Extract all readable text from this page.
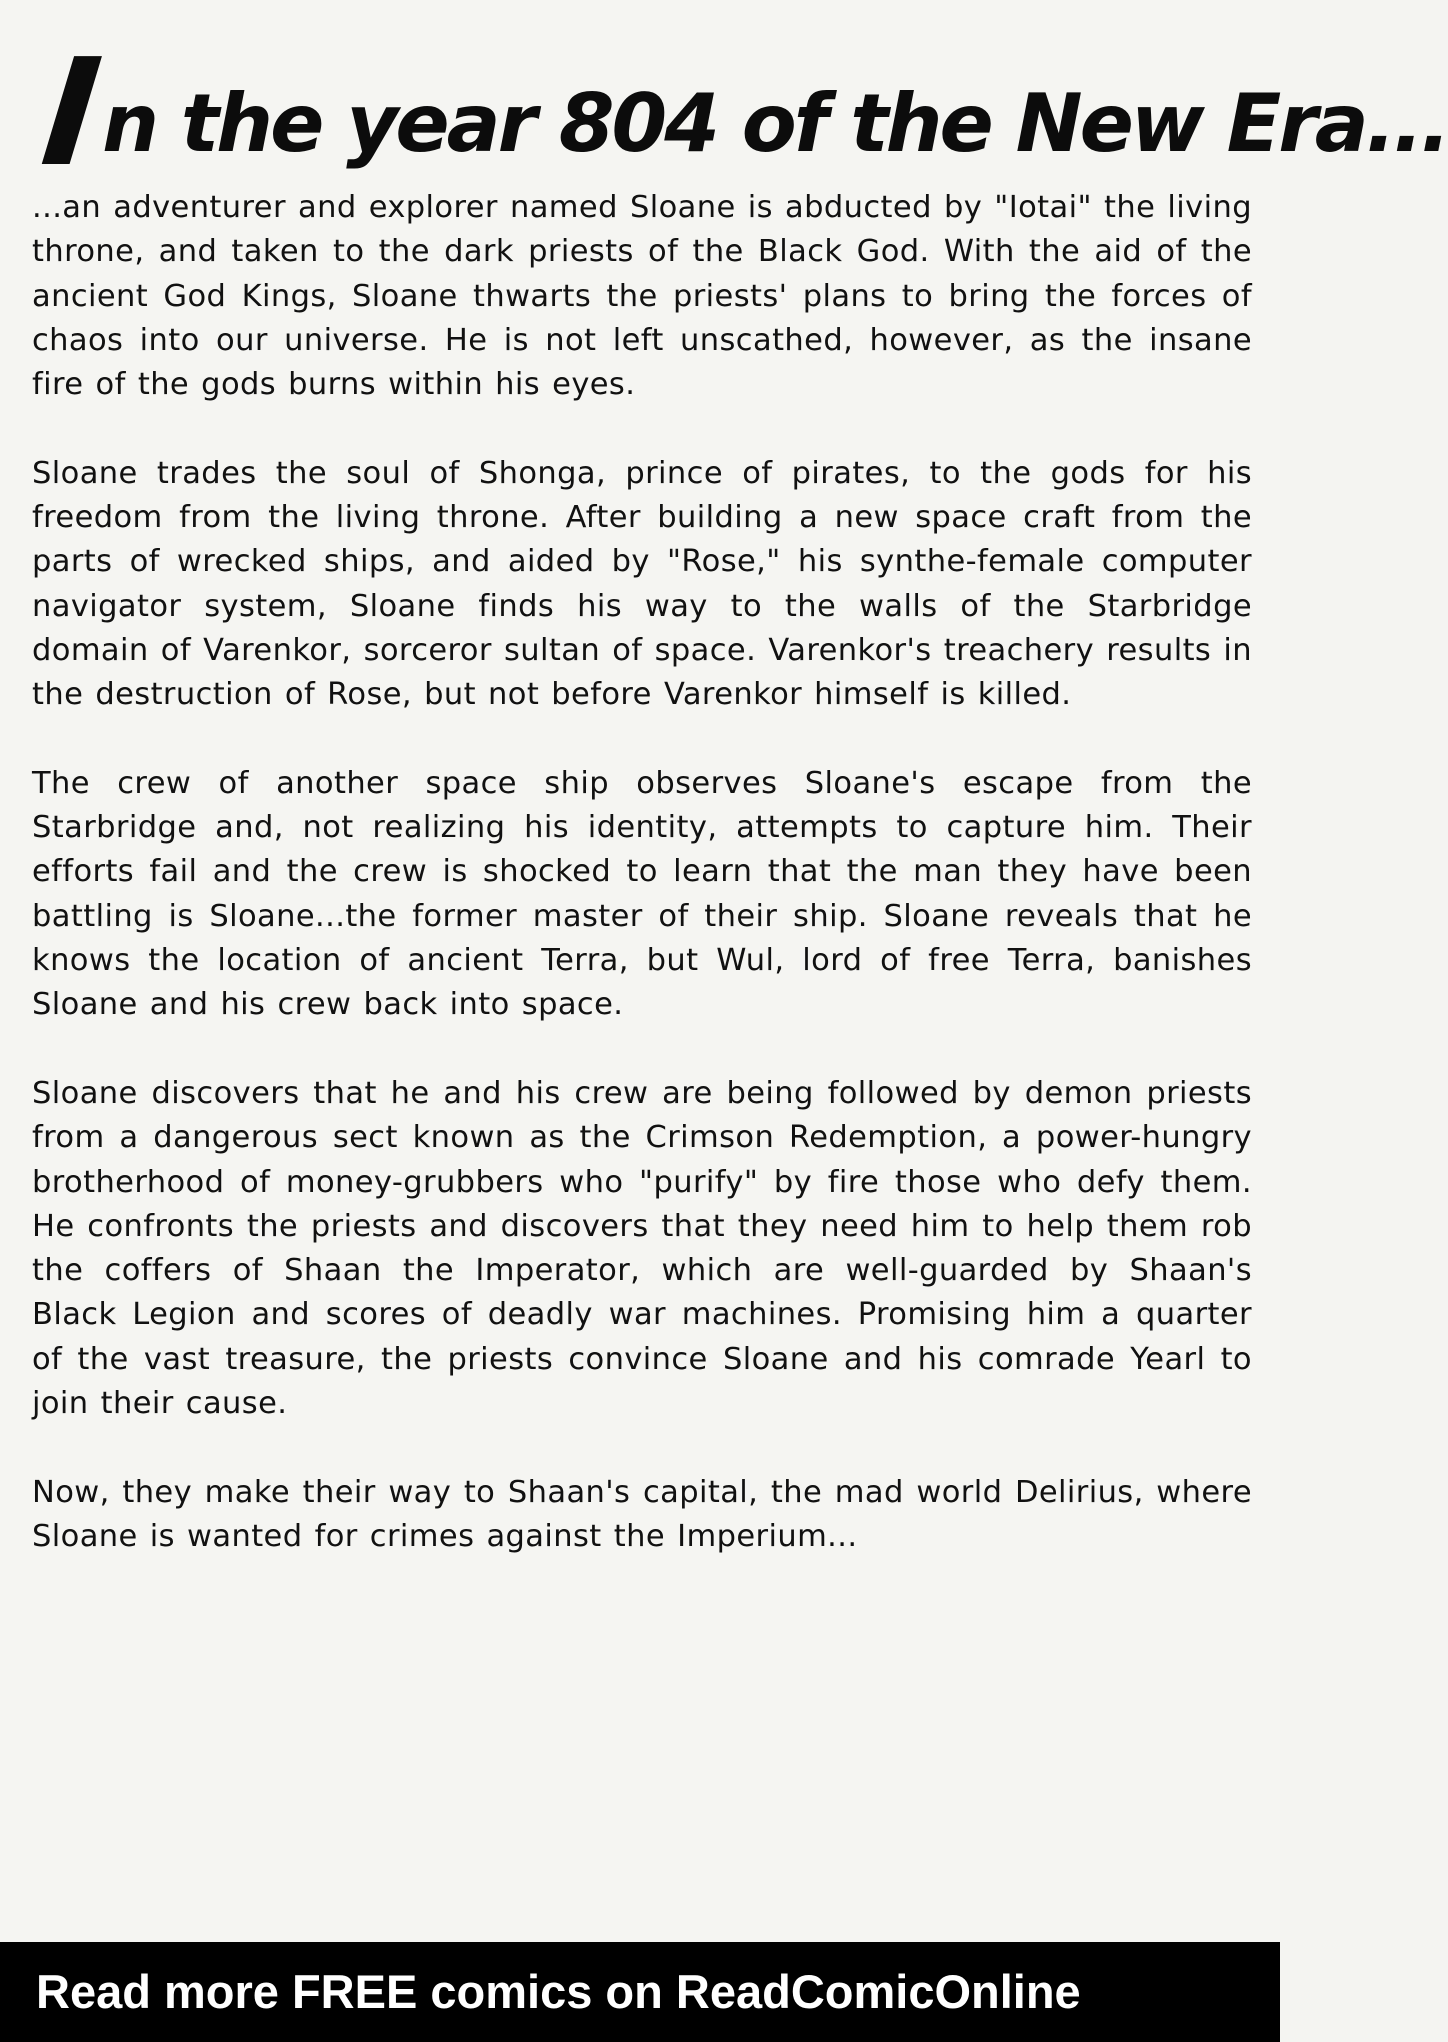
In the year 804 of the New Era...

...an adventurer and explorer named Sloane is abducted by "Iotai" the living throne, and taken to the dark priests of the Black God. With the aid of the ancient God Kings, Sloane thwarts the priests' plans to bring the forces of chaos into our universe. He is not left unscathed, however, as the insane fire of the gods burns within his eyes.

Sloane trades the soul of Shonga, prince of pirates, to the gods for his freedom from the living throne. After building a new space craft from the parts of wrecked ships, and aided by "Rose," his synthe-female computer navigator system, Sloane finds his way to the walls of the Starbridge domain of Varenkor, sorceror sultan of space. Varenkor's treachery results in the destruction of Rose, but not before Varenkor himself is killed.

The crew of another space ship observes Sloane's escape from the Starbridge and, not realizing his identity, attempts to capture him. Their efforts fail and the crew is shocked to learn that the man they have been battling is Sloane...the former master of their ship. Sloane reveals that he knows the location of ancient Terra, but Wul, lord of free Terra, banishes Sloane and his crew back into space.

Sloane discovers that he and his crew are being followed by demon priests from a dangerous sect known as the Crimson Redemption, a power-hungry brotherhood of money-grubbers who "purify" by fire those who defy them. He confronts the priests and discovers that they need him to help them rob the coffers of Shaan the Imperator, which are well-guarded by Shaan's Black Legion and scores of deadly war machines. Promising him a quarter of the vast treasure, the priests convince Sloane and his comrade Yearl to join their cause.

Now, they make their way to Shaan's capital, the mad world Delirius, where Sloane is wanted for crimes against the Imperium...

Read more FREE comics on ReadComicOnline
